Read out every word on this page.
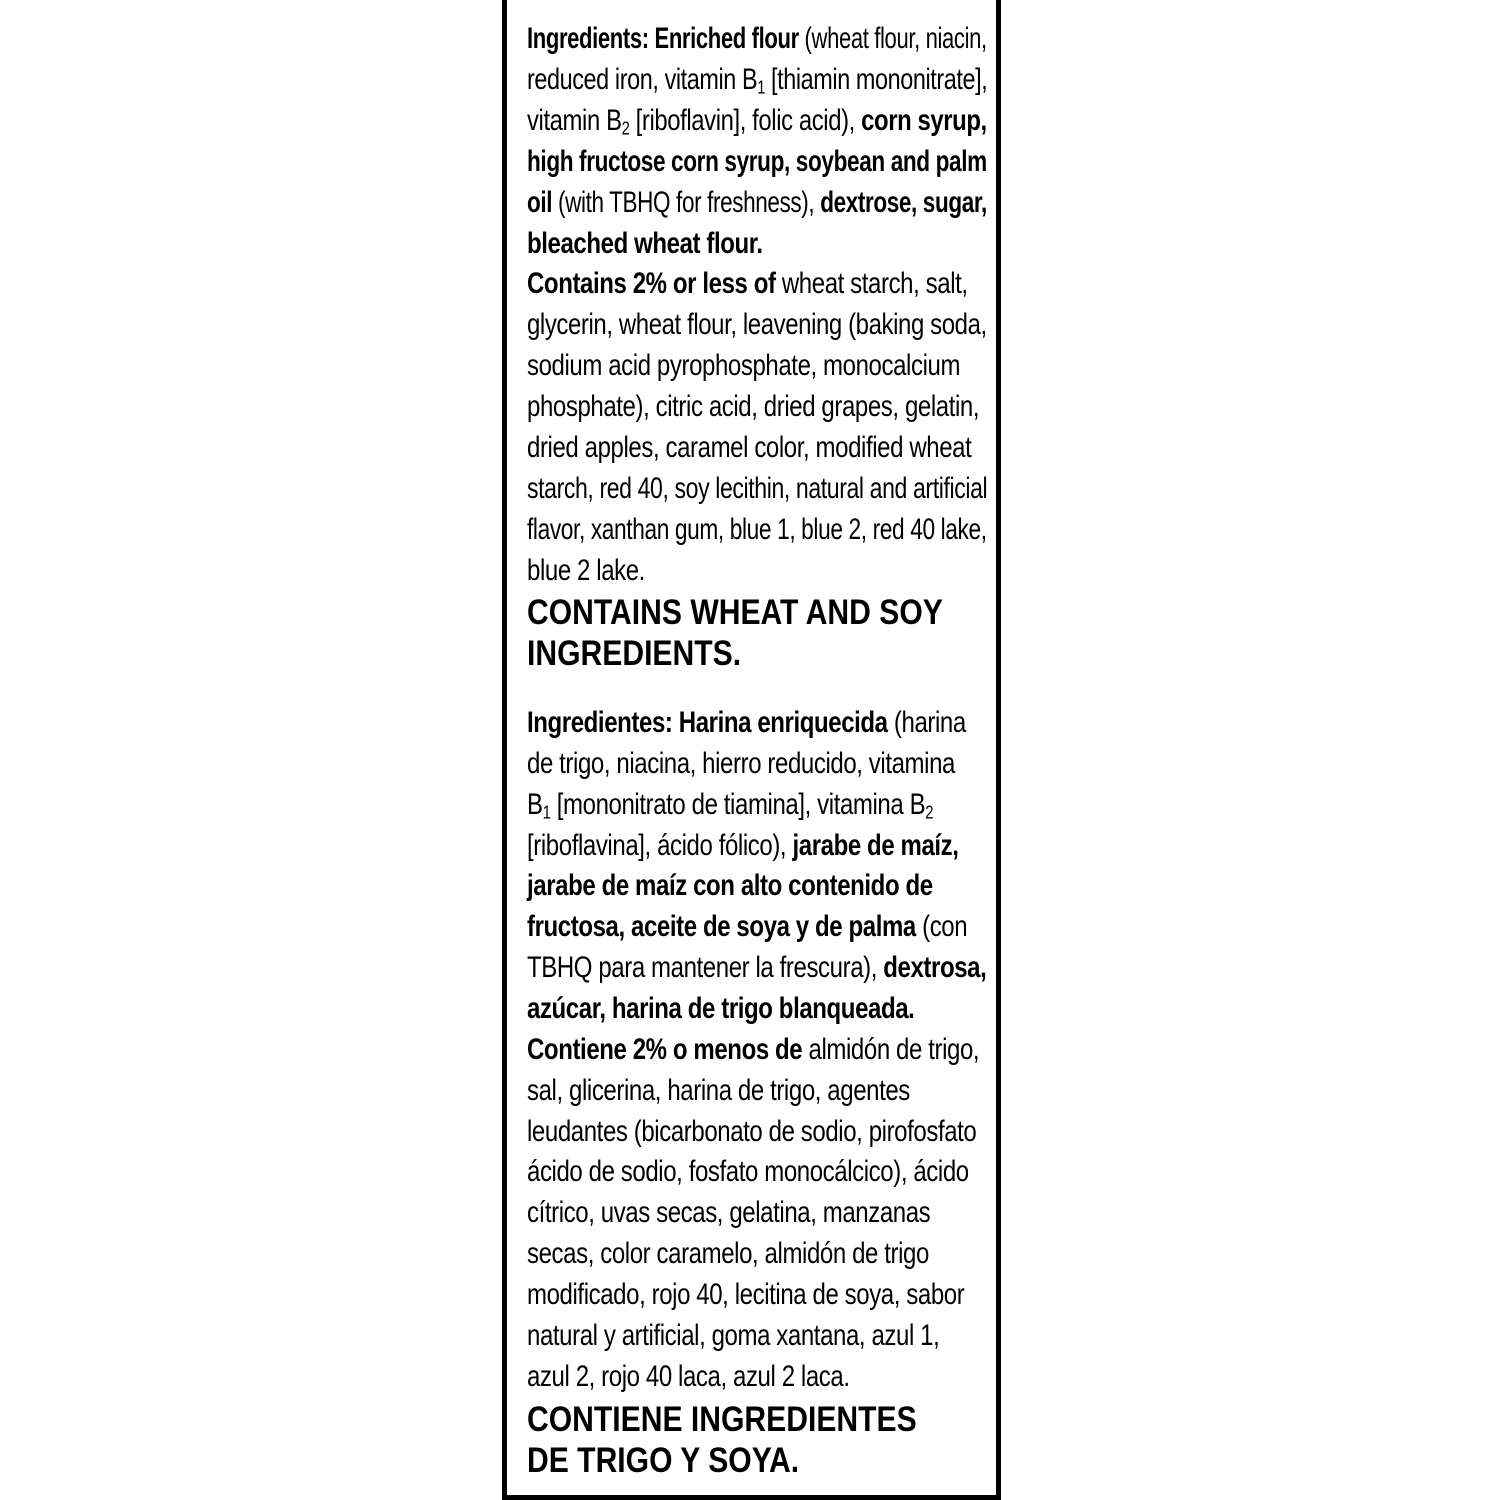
Ingredients: Enriched flour (wheat flour, niacin,
reduced iron, vitamin $B_1$ [thiamin mononitrate],
vitamin $B_2$ [riboflavin], folic acid), corn syrup,
high fructose corn syrup, soybean and palm
oil (with TBHQ for freshness), dextrose, sugar,
bleached wheat flour.
Contains 2% or less of wheat starch, salt,
glycerin, wheat flour, leavening (baking soda,
sodium acid pyrophosphate, monocalcium
phosphate), citric acid, dried grapes, gelatin,
dried apples, caramel color, modified wheat
starch, red 40, soy lecithin, natural and artificial
flavor, xanthan gum, blue 1, blue 2, red 40 lake,
blue 2 lake.
CONTAINS WHEAT AND SOY
INGREDIENTS.
Ingredientes: Harina enriquecida (harina
de trigo, niacina, hierro reducido, vitamina
$B_1$ [mononitrato de tiamina], vitamina $B_2$
[riboflavina], ácido fólico), jarabe de maíz,
jarabe de maíz con alto contenido de
fructosa, aceite de soya y de palma (con
TBHQ para mantener la frescura), dextrosa,
azúcar, harina de trigo blanqueada.
Contiene 2% o menos de almidón de trigo,
sal, glicerina, harina de trigo, agentes
leudantes (bicarbonato de sodio, pirofosfato
ácido de sodio, fosfato monocálcico), ácido
cítrico, uvas secas, gelatina, manzanas
secas, color caramelo, almidón de trigo
modificado, rojo 40, lecitina de soya, sabor
natural y artificial, goma xantana, azul 1,
azul 2, rojo 40 laca, azul 2 laca.
CONTIENE INGREDIENTES
DE TRIGO Y SOYA.
